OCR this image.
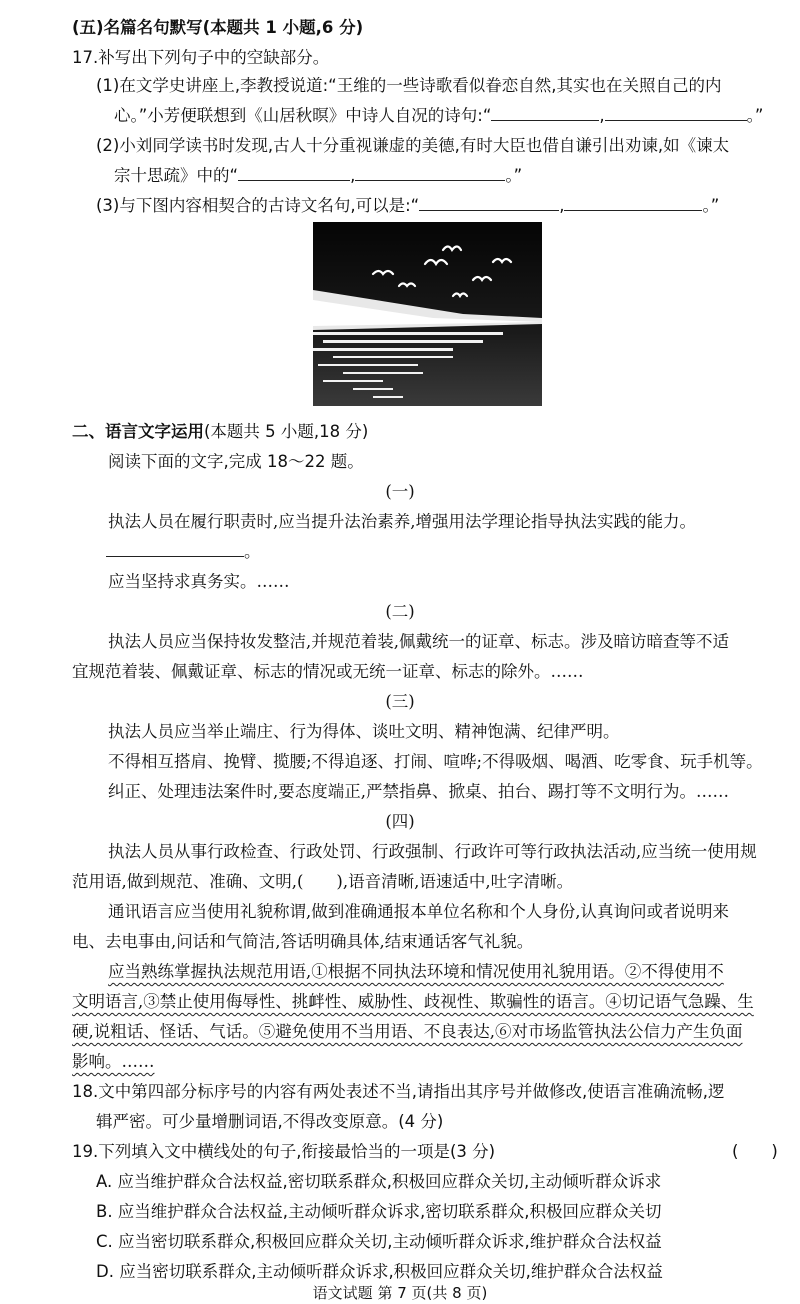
(五)名篇名句默写(本题共 1 小题,6 分)
17.补写出下列句子中的空缺部分。
(1)在文学史讲座上,李教授说道:“王维的一些诗歌看似眷恋自然,其实也在关照自己的内
心。”小芳便联想到《山居秋暝》中诗人自况的诗句:“	,	。”
(2)小刘同学读书时发现,古人十分重视谦虚的美德,有时大臣也借自谦引出劝谏,如《谏太
宗十思疏》中的“	,	。”
(3)与下图内容相契合的古诗文名句,可以是:“	,	。”
二、语言文字运用(本题共 5 小题,18 分)
阅读下面的文字,完成 18～22 题。
(一)
执法人员在履行职责时,应当提升法治素养,增强用法学理论指导执法实践的能力。
。
应当坚持求真务实。……
(二)
执法人员应当保持妆发整洁,并规范着装,佩戴统一的证章、标志。涉及暗访暗查等不适
宜规范着装、佩戴证章、标志的情况或无统一证章、标志的除外。……
(三)
执法人员应当举止端庄、行为得体、谈吐文明、精神饱满、纪律严明。
不得相互搭肩、挽臂、揽腰;不得追逐、打闹、喧哗;不得吸烟、喝酒、吃零食、玩手机等。
纠正、处理违法案件时,要态度端正,严禁指鼻、掀桌、拍台、踢打等不文明行为。……
(四)
执法人员从事行政检查、行政处罚、行政强制、行政许可等行政执法活动,应当统一使用规
范用语,做到规范、准确、文明,(　　),语音清晰,语速适中,吐字清晰。
通讯语言应当使用礼貌称谓,做到准确通报本单位名称和个人身份,认真询问或者说明来
电、去电事由,问话和气简洁,答话明确具体,结束通话客气礼貌。
应当熟练掌握执法规范用语,①根据不同执法环境和情况使用礼貌用语。②不得使用不
文明语言,③禁止使用侮辱性、挑衅性、威胁性、歧视性、欺骗性的语言。④切记语气急躁、生
硬,说粗话、怪话、气话。⑤避免使用不当用语、不良表达,⑥对市场监管执法公信力产生负面
影响。……
18.文中第四部分标序号的内容有两处表述不当,请指出其序号并做修改,使语言准确流畅,逻
辑严密。可少量增删词语,不得改变原意。(4 分)
19.下列填入文中横线处的句子,衔接最恰当的一项是(3 分)	(　　)
A. 应当维护群众合法权益,密切联系群众,积极回应群众关切,主动倾听群众诉求
B. 应当维护群众合法权益,主动倾听群众诉求,密切联系群众,积极回应群众关切
C. 应当密切联系群众,积极回应群众关切,主动倾听群众诉求,维护群众合法权益
D. 应当密切联系群众,主动倾听群众诉求,积极回应群众关切,维护群众合法权益
语文试题 第 7 页(共 8 页)
